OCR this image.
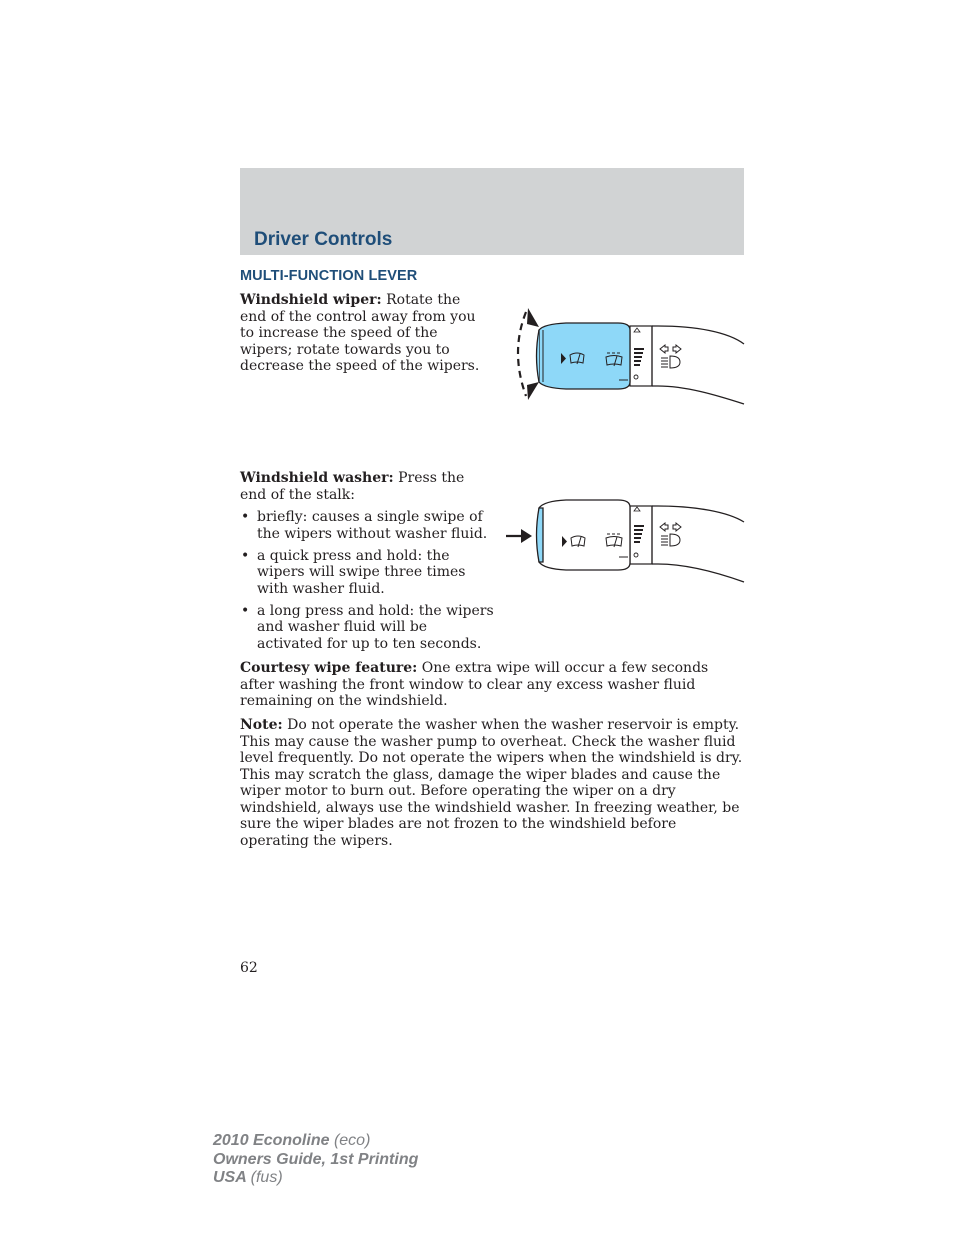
Driver Controls
MULTI-FUNCTION LEVER

Windshield wiper: Rotate the end of the control away from you to increase the speed of the wipers; rotate towards you to decrease the speed of the wipers.

Windshield washer: Press the end of the stalk:

• briefly: causes a single swipe of the wipers without washer fluid.
• a quick press and hold: the wipers will swipe three times with washer fluid.
• a long press and hold: the wipers and washer fluid will be activated for up to ten seconds.

Courtesy wipe feature: One extra wipe will occur a few seconds after washing the front window to clear any excess washer fluid remaining on the windshield.

Note: Do not operate the washer when the washer reservoir is empty. This may cause the washer pump to overheat. Check the washer fluid level frequently. Do not operate the wipers when the windshield is dry. This may scratch the glass, damage the wiper blades and cause the wiper motor to burn out. Before operating the wiper on a dry windshield, always use the windshield washer. In freezing weather, be sure the wiper blades are not frozen to the windshield before operating the wipers.

62

2010 Econoline (eco)
Owners Guide, 1st Printing
USA (fus)
